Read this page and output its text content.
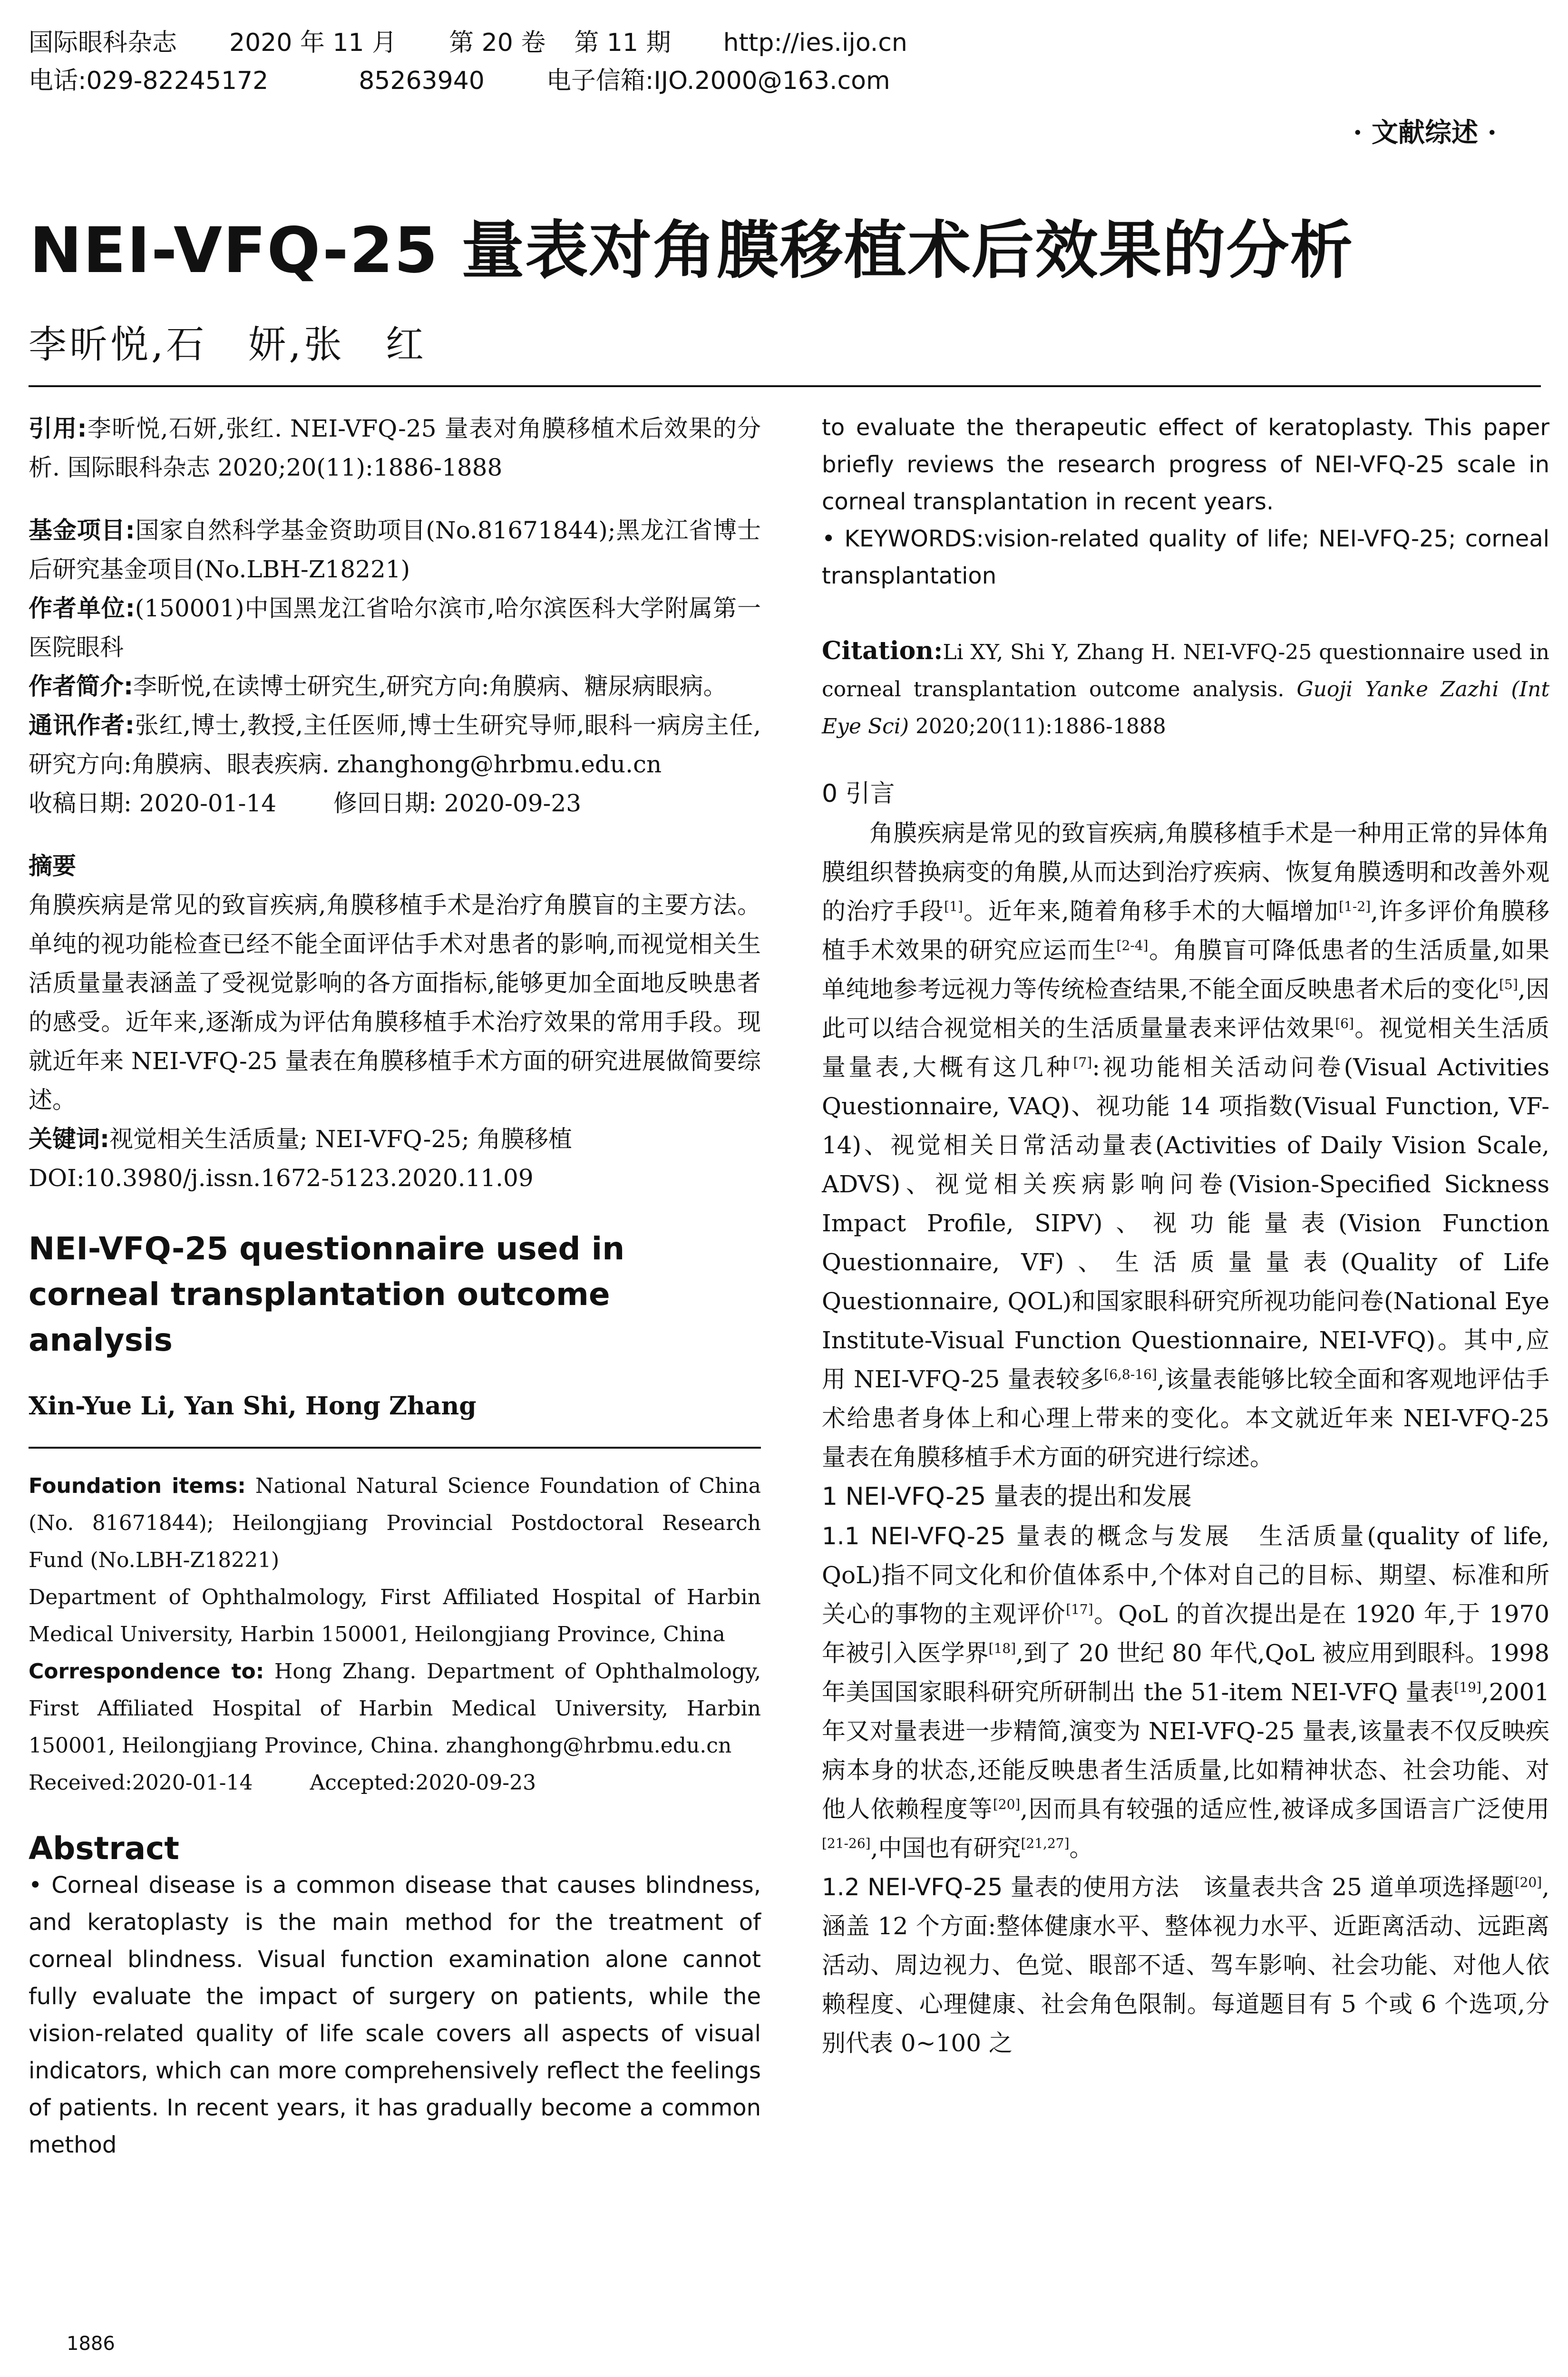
国际眼科杂志 2020 年 11 月 第 20 卷 第 11 期 http://ies.ijo.cn
电话:029-82245172	85263940	电子信箱:IJO.2000@163.com
· 文献综述 ·
NEI-VFQ-25 量表对角膜移植术后效果的分析
李昕悦,石　妍,张　红

引用:李昕悦,石妍,张红. NEI-VFQ-25 量表对角膜移植术后效果的分析. 国际眼科杂志 2020;20(11):1886-1888

基金项目:国家自然科学基金资助项目(No.81671844);黑龙江省博士后研究基金项目(No.LBH-Z18221)

作者单位:(150001)中国黑龙江省哈尔滨市,哈尔滨医科大学附属第一医院眼科

作者简介:李昕悦,在读博士研究生,研究方向:角膜病、糖尿病眼病。

通讯作者:张红,博士,教授,主任医师,博士生研究导师,眼科一病房主任,研究方向:角膜病、眼表疾病. zhanghong@hrbmu.edu.cn

收稿日期: 2020-01-14 修回日期: 2020-09-23

摘要

角膜疾病是常见的致盲疾病,角膜移植手术是治疗角膜盲的主要方法。单纯的视功能检查已经不能全面评估手术对患者的影响,而视觉相关生活质量量表涵盖了受视觉影响的各方面指标,能够更加全面地反映患者的感受。近年来,逐渐成为评估角膜移植手术治疗效果的常用手段。现就近年来 NEI-VFQ-25 量表在角膜移植手术方面的研究进展做简要综述。

关键词:视觉相关生活质量; NEI-VFQ-25; 角膜移植

DOI:10.3980/j.issn.1672-5123.2020.11.09

NEI-VFQ-25 questionnaire used in corneal transplantation outcome analysis

Xin-Yue Li, Yan Shi, Hong Zhang

Foundation items: National Natural Science Foundation of China (No. 81671844); Heilongjiang Provincial Postdoctoral Research Fund (No.LBH-Z18221)

Department of Ophthalmology, First Affiliated Hospital of Harbin Medical University, Harbin 150001, Heilongjiang Province, China

Correspondence to: Hong Zhang. Department of Ophthalmology, First Affiliated Hospital of Harbin Medical University, Harbin 150001, Heilongjiang Province, China. zhanghong@hrbmu.edu.cn

Received:2020-01-14	Accepted:2020-09-23

Abstract

• Corneal disease is a common disease that causes blindness, and keratoplasty is the main method for the treatment of corneal blindness. Visual function examination alone cannot fully evaluate the impact of surgery on patients, while the vision-related quality of life scale covers all aspects of visual indicators, which can more comprehensively reflect the feelings of patients. In recent years, it has gradually become a common method

to evaluate the therapeutic effect of keratoplasty. This paper briefly reviews the research progress of NEI-VFQ-25 scale in corneal transplantation in recent years.

• KEYWORDS:vision-related quality of life; NEI-VFQ-25; corneal transplantation

Citation:Li XY, Shi Y, Zhang H. NEI-VFQ-25 questionnaire used in corneal transplantation outcome analysis. Guoji Yanke Zazhi (Int Eye Sci) 2020;20(11):1886-1888

0 引言

角膜疾病是常见的致盲疾病,角膜移植手术是一种用正常的异体角膜组织替换病变的角膜,从而达到治疗疾病、恢复角膜透明和改善外观的治疗手段[1]。近年来,随着角移手术的大幅增加[1-2],许多评价角膜移植手术效果的研究应运而生[2-4]。角膜盲可降低患者的生活质量,如果单纯地参考远视力等传统检查结果,不能全面反映患者术后的变化[5],因此可以结合视觉相关的生活质量量表来评估效果[6]。视觉相关生活质量量表,大概有这几种[7]:视功能相关活动问卷(Visual Activities Questionnaire, VAQ)、视功能 14 项指数(Visual Function, VF-14)、视觉相关日常活动量表(Activities of Daily Vision Scale, ADVS)、视觉相关疾病影响问卷(Vision-Specified Sickness Impact Profile, SIPV)、视功能量表(Vision Function Questionnaire, VF)、生活质量量表(Quality of Life Questionnaire, QOL)和国家眼科研究所视功能问卷(National Eye Institute-Visual Function Questionnaire, NEI-VFQ)。其中,应用 NEI-VFQ-25 量表较多[6,8-16],该量表能够比较全面和客观地评估手术给患者身体上和心理上带来的变化。本文就近年来 NEI-VFQ-25 量表在角膜移植手术方面的研究进行综述。

1 NEI-VFQ-25 量表的提出和发展

1.1 NEI-VFQ-25 量表的概念与发展　 生活质量(quality of life, QoL)指不同文化和价值体系中,个体对自己的目标、期望、标准和所关心的事物的主观评价[17]。QoL 的首次提出是在 1920 年,于 1970 年被引入医学界[18],到了 20 世纪 80 年代,QoL 被应用到眼科。1998 年美国国家眼科研究所研制出 the 51-item NEI-VFQ 量表[19],2001 年又对量表进一步精简,演变为 NEI-VFQ-25 量表,该量表不仅反映疾病本身的状态,还能反映患者生活质量,比如精神状态、社会功能、对他人依赖程度等[20],因而具有较强的适应性,被译成多国语言广泛使用[21-26],中国也有研究[21,27]。

1.2 NEI-VFQ-25 量表的使用方法　 该量表共含 25 道单项选择题[20],涵盖 12 个方面:整体健康水平、整体视力水平、近距离活动、远距离活动、周边视力、色觉、眼部不适、驾车影响、社会功能、对他人依赖程度、心理健康、社会角色限制。每道题目有 5 个或 6 个选项,分别代表 0~100 之

1886
